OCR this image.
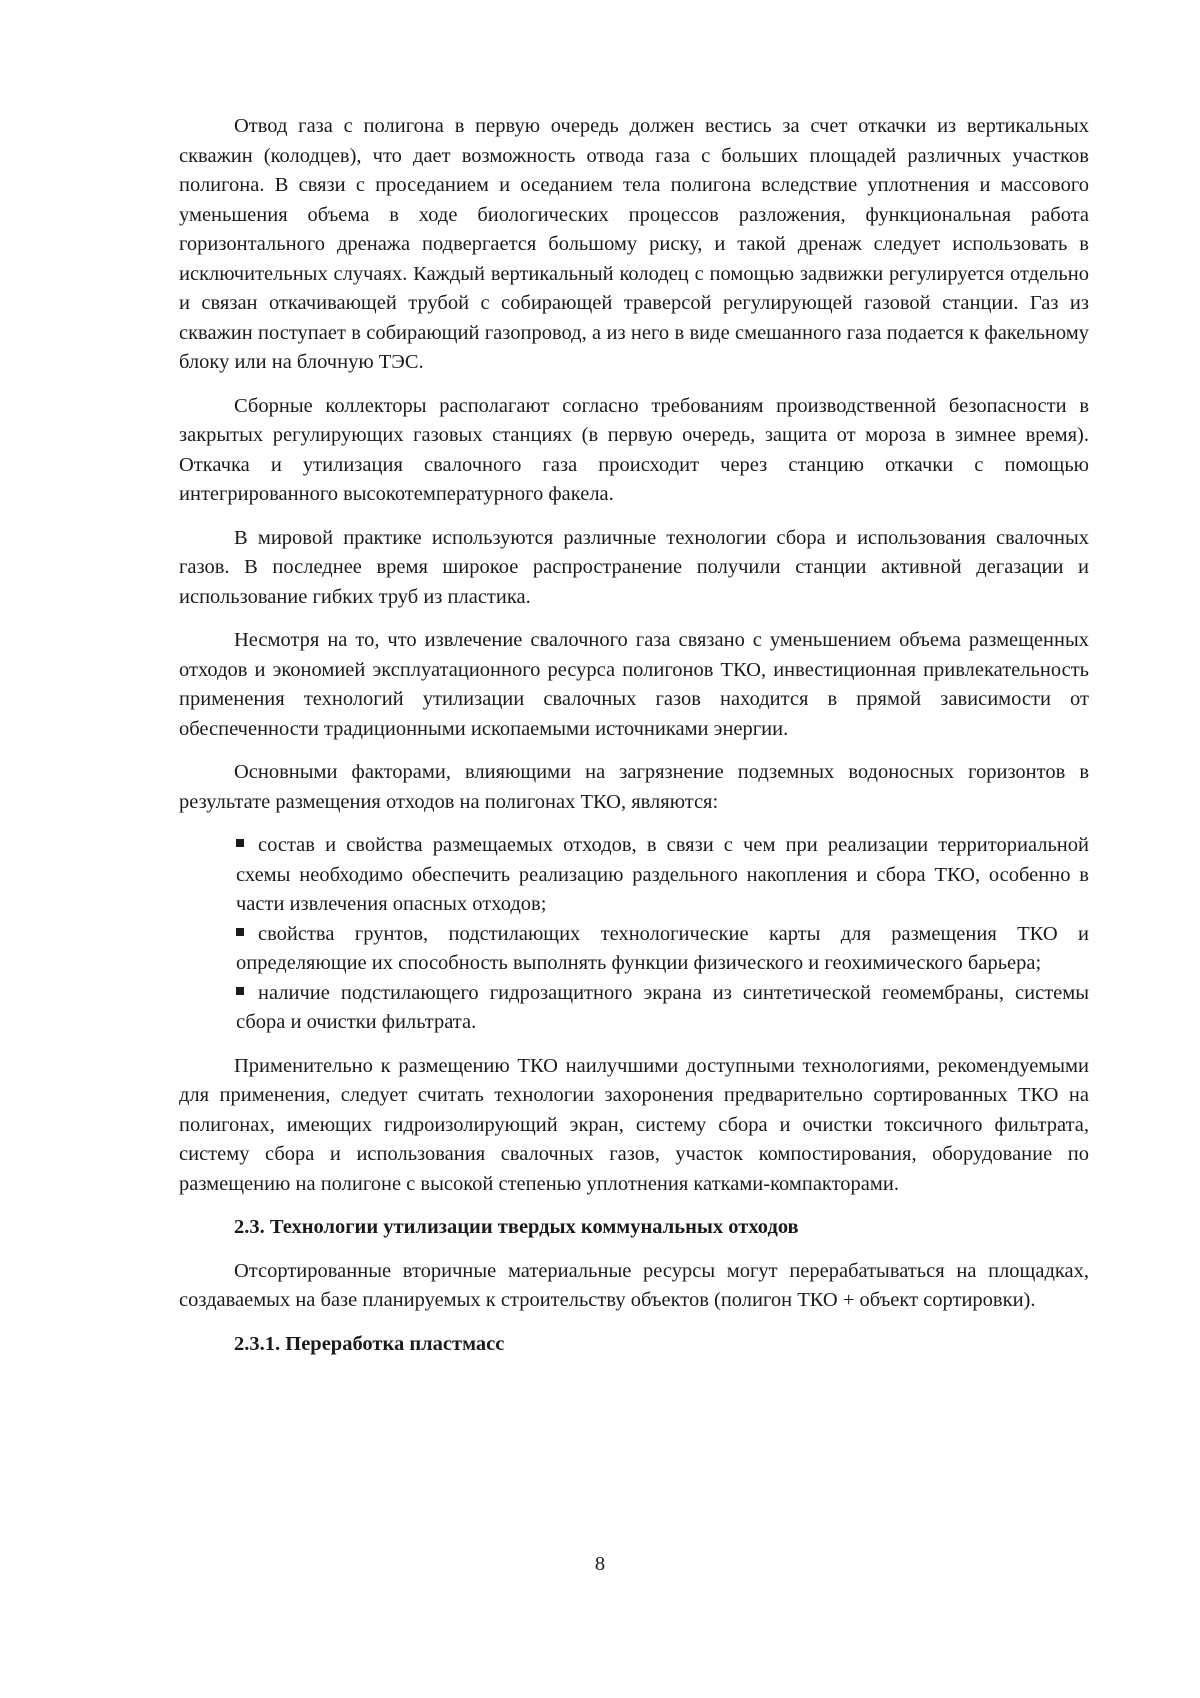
Отвод газа с полигона в первую очередь должен вестись за счет откачки из вертикальных скважин (колодцев), что дает возможность отвода газа с больших площадей различных участков полигона. В связи с проседанием и оседанием тела полигона вследствие уплотнения и массового уменьшения объема в ходе биологических процессов разложения, функциональная работа горизонтального дренажа подвергается большому риску, и такой дренаж следует использовать в исключительных случаях. Каждый вертикальный колодец с помощью задвижки регулируется отдельно и связан откачивающей трубой с собирающей траверсой регулирующей газовой станции. Газ из скважин поступает в собирающий газопровод, а из него в виде смешанного газа подается к факельному блоку или на блочную ТЭС.

Сборные коллекторы располагают согласно требованиям производственной безопасности в закрытых регулирующих газовых станциях (в первую очередь, защита от мороза в зимнее время). Откачка и утилизация свалочного газа происходит через станцию откачки с помощью интегрированного высокотемпературного факела.

В мировой практике используются различные технологии сбора и использования свалочных газов. В последнее время широкое распространение получили станции активной дегазации и использование гибких труб из пластика.

Несмотря на то, что извлечение свалочного газа связано с уменьшением объема размещенных отходов и экономией эксплуатационного ресурса полигонов ТКО, инвестиционная привлекательность применения технологий утилизации свалочных газов находится в прямой зависимости от обеспеченности традиционными ископаемыми источниками энергии.

Основными факторами, влияющими на загрязнение подземных водоносных горизонтов в результате размещения отходов на полигонах ТКО, являются:

состав и свойства размещаемых отходов, в связи с чем при реализации территориальной схемы необходимо обеспечить реализацию раздельного накопления и сбора ТКО, особенно в части извлечения опасных отходов;
свойства грунтов, подстилающих технологические карты для размещения ТКО и определяющие их способность выполнять функции физического и геохимического барьера;
наличие подстилающего гидрозащитного экрана из синтетической геомембраны, системы сбора и очистки фильтрата.

Применительно к размещению ТКО наилучшими доступными технологиями, рекомендуемыми для применения, следует считать технологии захоронения предварительно сортированных ТКО на полигонах, имеющих гидроизолирующий экран, систему сбора и очистки токсичного фильтрата, систему сбора и использования свалочных газов, участок компостирования, оборудование по размещению на полигоне с высокой степенью уплотнения катками-компакторами.

2.3. Технологии утилизации твердых коммунальных отходов

Отсортированные вторичные материальные ресурсы могут перерабатываться на площадках, создаваемых на базе планируемых к строительству объектов (полигон ТКО + объект сортировки).

2.3.1. Переработка пластмасс

8
